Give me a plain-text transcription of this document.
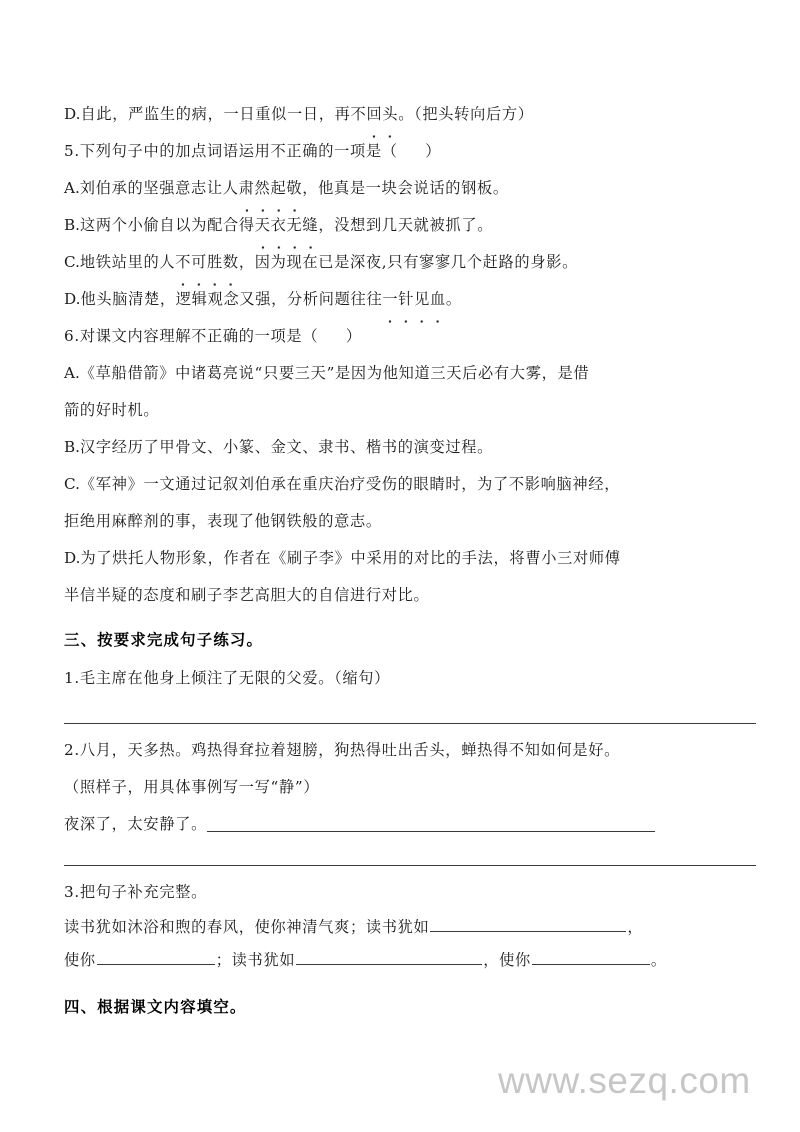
D.自此，严监生的病，一日重似一日，再不回头。（把头转向后方）
5.下列句子中的加点词语运用不正确的一项是（ ）
A.刘伯承的坚强意志让人肃然起敬，他真是一块会说话的钢板。
B.这两个小偷自以为配合得天衣无缝，没想到几天就被抓了。
C.地铁站里的人不可胜数，因为现在已是深夜,只有寥寥几个赶路的身影。
D.他头脑清楚，逻辑观念又强，分析问题往往一针见血。
6.对课文内容理解不正确的一项是（ ）
A.《草船借箭》中诸葛亮说“只要三天”是因为他知道三天后必有大雾，是借
箭的好时机。
B.汉字经历了甲骨文、小篆、金文、隶书、楷书的演变过程。
C.《军神》一文通过记叙刘伯承在重庆治疗受伤的眼睛时，为了不影响脑神经，
拒绝用麻醉剂的事，表现了他钢铁般的意志。
D.为了烘托人物形象，作者在《刷子李》中采用的对比的手法，将曹小三对师傅
半信半疑的态度和刷子李艺高胆大的自信进行对比。
三、按要求完成句子练习。
1.毛主席在他身上倾注了无限的父爱。（缩句）
2.八月，天多热。鸡热得耷拉着翅膀，狗热得吐出舌头，蝉热得不知如何是好。
（照样子，用具体事例写一写“静”）
夜深了，太安静了。
3.把句子补充完整。
读书犹如沐浴和煦的春风，使你神清气爽；读书犹如	，
使你	；读书犹如	，使你	。
四、根据课文内容填空。
www.sezq.com
